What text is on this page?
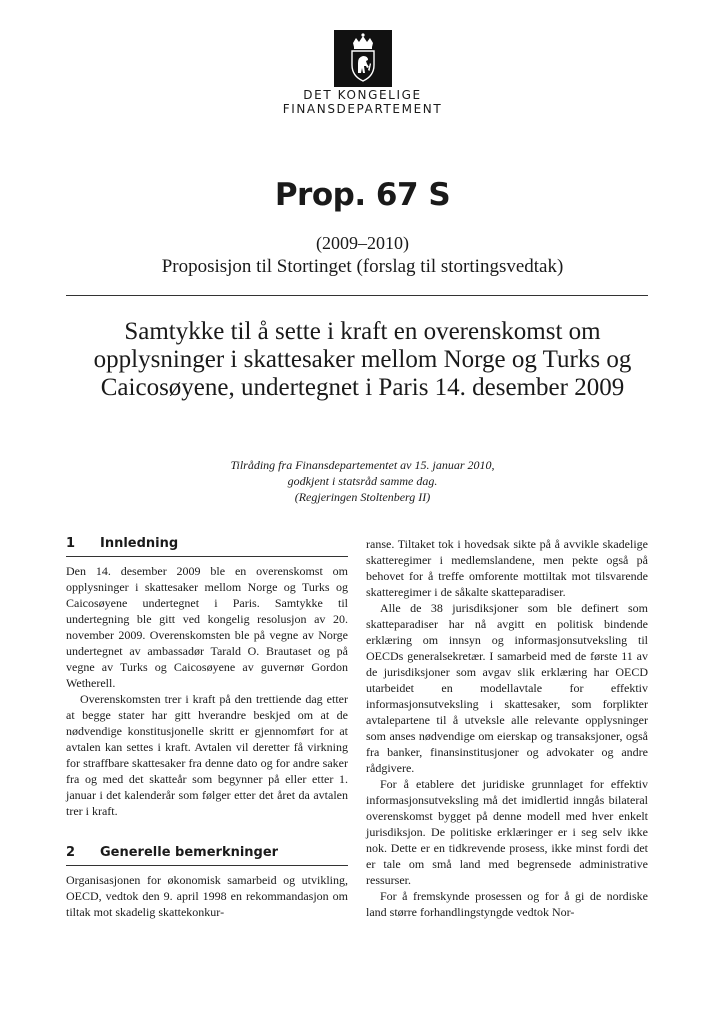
DET KONGELIGE
FINANSDEPARTEMENT
Prop. 67 S
(2009–2010)
Proposisjon til Stortinget (forslag til stortingsvedtak)
Samtykke til å sette i kraft en overenskomst om opplysninger i skattesaker mellom Norge og Turks og Caicosøyene, undertegnet i Paris 14. desember 2009
Tilråding fra Finansdepartementet av 15. januar 2010,
godkjent i statsråd samme dag.
(Regjeringen Stoltenberg II)
1	Innledning

Den 14. desember 2009 ble en overenskomst om opplysninger i skattesaker mellom Norge og Turks og Caicosøyene undertegnet i Paris. Samtykke til undertegning ble gitt ved kongelig resolusjon av 20. november 2009. Overenskomsten ble på vegne av Norge undertegnet av ambassadør Tarald O. Brautaset og på vegne av Turks og Caicosøyene av guvernør Gordon Wetherell.

Overenskomsten trer i kraft på den trettiende dag etter at begge stater har gitt hverandre beskjed om at de nødvendige konstitusjonelle skritt er gjennomført for at avtalen kan settes i kraft. Avtalen vil deretter få virkning for straffbare skattesaker fra denne dato og for andre saker fra og med det skatteår som begynner på eller etter 1. januar i det kalenderår som følger etter det året da avtalen trer i kraft.

2	Generelle bemerkninger

Organisasjonen for økonomisk samarbeid og utvikling, OECD, vedtok den 9. april 1998 en rekommandasjon om tiltak mot skadelig skattekonkur-

ranse. Tiltaket tok i hovedsak sikte på å avvikle skadelige skatteregimer i medlemslandene, men pekte også på behovet for å treffe omforente mottiltak mot tilsvarende skatteregimer i de såkalte skatteparadiser.

Alle de 38 jurisdiksjoner som ble definert som skatteparadiser har nå avgitt en politisk bindende erklæring om innsyn og informasjonsutveksling til OECDs generalsekretær. I samarbeid med de første 11 av de jurisdiksjoner som avgav slik erklæring har OECD utarbeidet en modellavtale for effektiv informasjonsutveksling i skattesaker, som forplikter avtalepartene til å utveksle alle relevante opplysninger som anses nødvendige om eierskap og transaksjoner, også fra banker, finansinstitusjoner og advokater og andre rådgivere.

For å etablere det juridiske grunnlaget for effektiv informasjonsutveksling må det imidlertid inngås bilateral overenskomst bygget på denne modell med hver enkelt jurisdiksjon. De politiske erklæringer er i seg selv ikke nok. Dette er en tidkrevende prosess, ikke minst fordi det er tale om små land med begrensede administrative ressurser.

For å fremskynde prosessen og for å gi de nordiske land større forhandlingstyngde vedtok Nor-
